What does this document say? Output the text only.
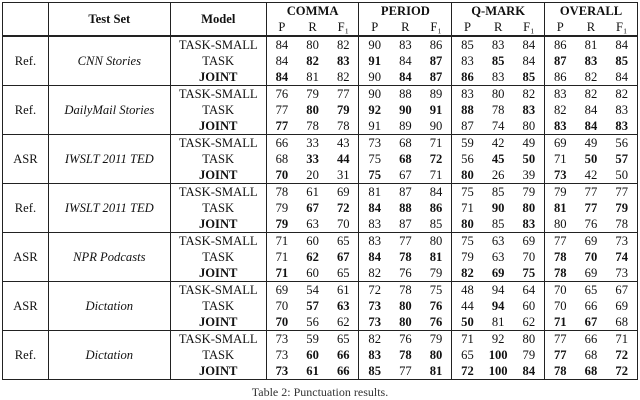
	Test Set	Model	COMMA			PERIOD			Q-MARK			OVERALL		
			P	R	F₁	P	R	F₁	P	R	F₁	P	R	F₁
Ref.	CNN Stories	TASK-SMALL	84	80	82	90	83	86	85	83	84	86	81	84
		TASK	84	82	83	91	84	87	83	85	84	87	83	85
		JOINT	84	81	82	90	84	87	86	83	85	86	82	84
Ref.	DailyMail Stories	TASK-SMALL	76	79	77	90	88	89	83	80	82	83	82	82
		TASK	77	80	79	92	90	91	88	78	83	82	84	83
		JOINT	77	78	78	91	89	90	87	74	80	83	84	83
ASR	IWSLT 2011 TED	TASK-SMALL	66	33	43	73	68	71	59	42	49	69	49	56
		TASK	68	33	44	75	68	72	56	45	50	71	50	57
		JOINT	70	20	31	75	67	71	80	26	39	73	42	50
Ref.	IWSLT 2011 TED	TASK-SMALL	78	61	69	81	87	84	75	85	79	79	77	77
		TASK	79	67	72	84	88	86	71	90	80	81	77	79
		JOINT	79	63	70	83	87	85	80	85	83	80	76	78
ASR	NPR Podcasts	TASK-SMALL	71	60	65	83	77	80	75	63	69	77	69	73
		TASK	71	62	67	84	78	81	79	63	70	78	70	74
		JOINT	71	60	65	82	76	79	82	69	75	78	69	73
ASR	Dictation	TASK-SMALL	69	54	61	72	78	75	48	94	64	70	65	67
		TASK	70	57	63	73	80	76	44	94	60	70	66	69
		JOINT	70	56	62	73	80	76	50	81	62	71	67	68
Ref.	Dictation	TASK-SMALL	73	59	65	82	76	79	71	92	80	77	66	71
		TASK	73	60	66	83	78	80	65	100	79	77	68	72
		JOINT	73	61	66	85	77	81	72	100	84	78	68	72
Table 2: Punctuation results.
